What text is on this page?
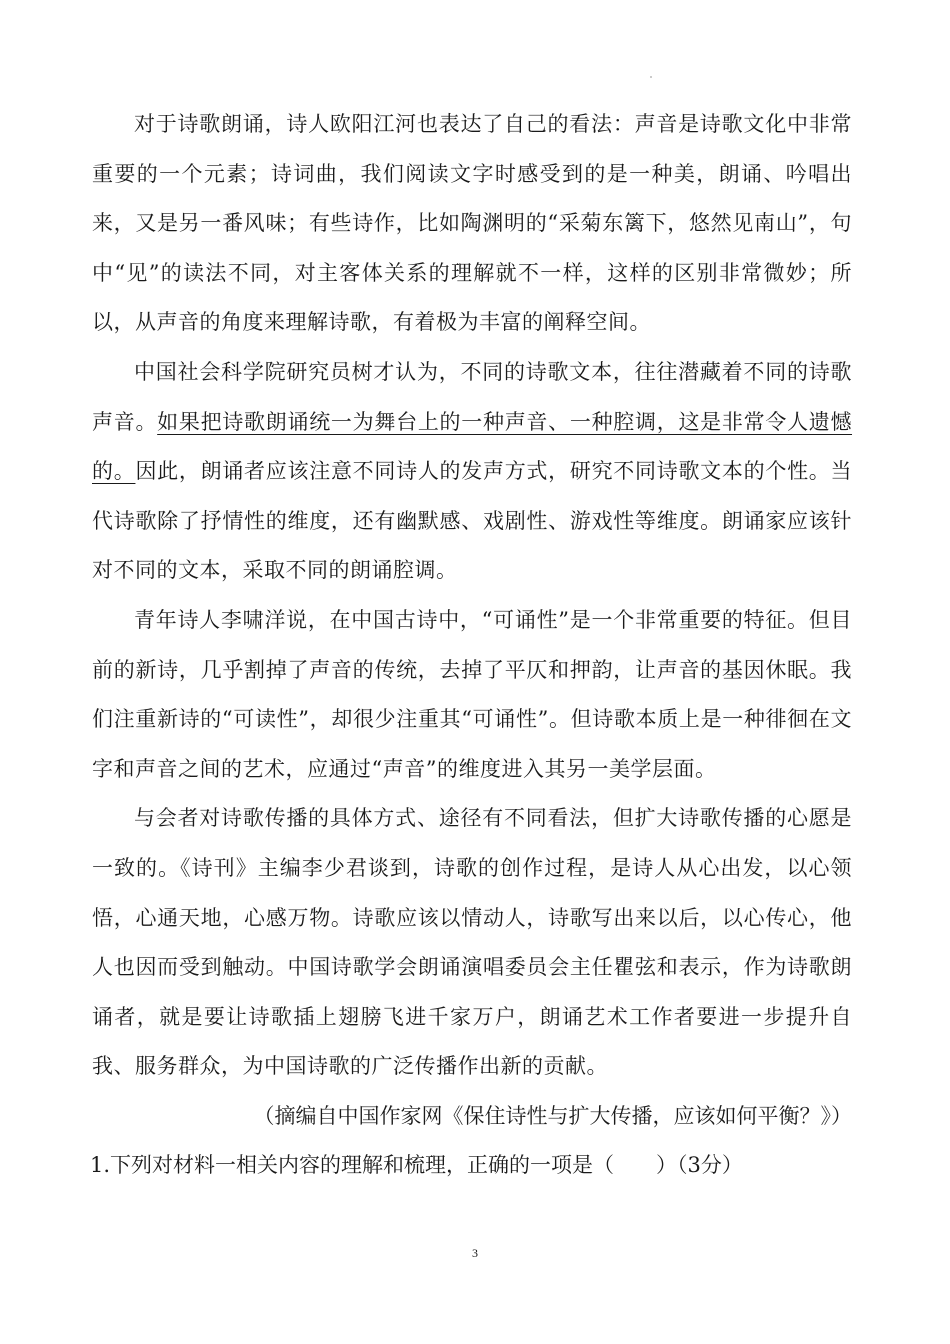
对于诗歌朗诵，诗人欧阳江河也表达了自己的看法：声音是诗歌文化中非常重要的一个元素；诗词曲，我们阅读文字时感受到的是一种美，朗诵、吟唱出来，又是另一番风味；有些诗作，比如陶渊明的“采菊东篱下，悠然见南山”，句中“见”的读法不同，对主客体关系的理解就不一样，这样的区别非常微妙；所以，从声音的角度来理解诗歌，有着极为丰富的阐释空间。

中国社会科学院研究员树才认为，不同的诗歌文本，往往潜藏着不同的诗歌声音。如果把诗歌朗诵统一为舞台上的一种声音、一种腔调，这是非常令人遗憾的。因此，朗诵者应该注意不同诗人的发声方式，研究不同诗歌文本的个性。当代诗歌除了抒情性的维度，还有幽默感、戏剧性、游戏性等维度。朗诵家应该针对不同的文本，采取不同的朗诵腔调。

青年诗人李啸洋说，在中国古诗中，“可诵性”是一个非常重要的特征。但目前的新诗，几乎割掉了声音的传统，去掉了平仄和押韵，让声音的基因休眠。我们注重新诗的“可读性”，却很少注重其“可诵性”。但诗歌本质上是一种徘徊在文字和声音之间的艺术，应通过“声音”的维度进入其另一美学层面。

与会者对诗歌传播的具体方式、途径有不同看法，但扩大诗歌传播的心愿是一致的。《诗刊》主编李少君谈到，诗歌的创作过程，是诗人从心出发，以心领悟，心通天地，心感万物。诗歌应该以情动人，诗歌写出来以后，以心传心，他人也因而受到触动。中国诗歌学会朗诵演唱委员会主任瞿弦和表示，作为诗歌朗诵者，就是要让诗歌插上翅膀飞进千家万户，朗诵艺术工作者要进一步提升自我、服务群众，为中国诗歌的广泛传播作出新的贡献。

（摘编自中国作家网《保住诗性与扩大传播，应该如何平衡？》）

1.下列对材料一相关内容的理解和梳理，正确的一项是（　　）（3分）

3
